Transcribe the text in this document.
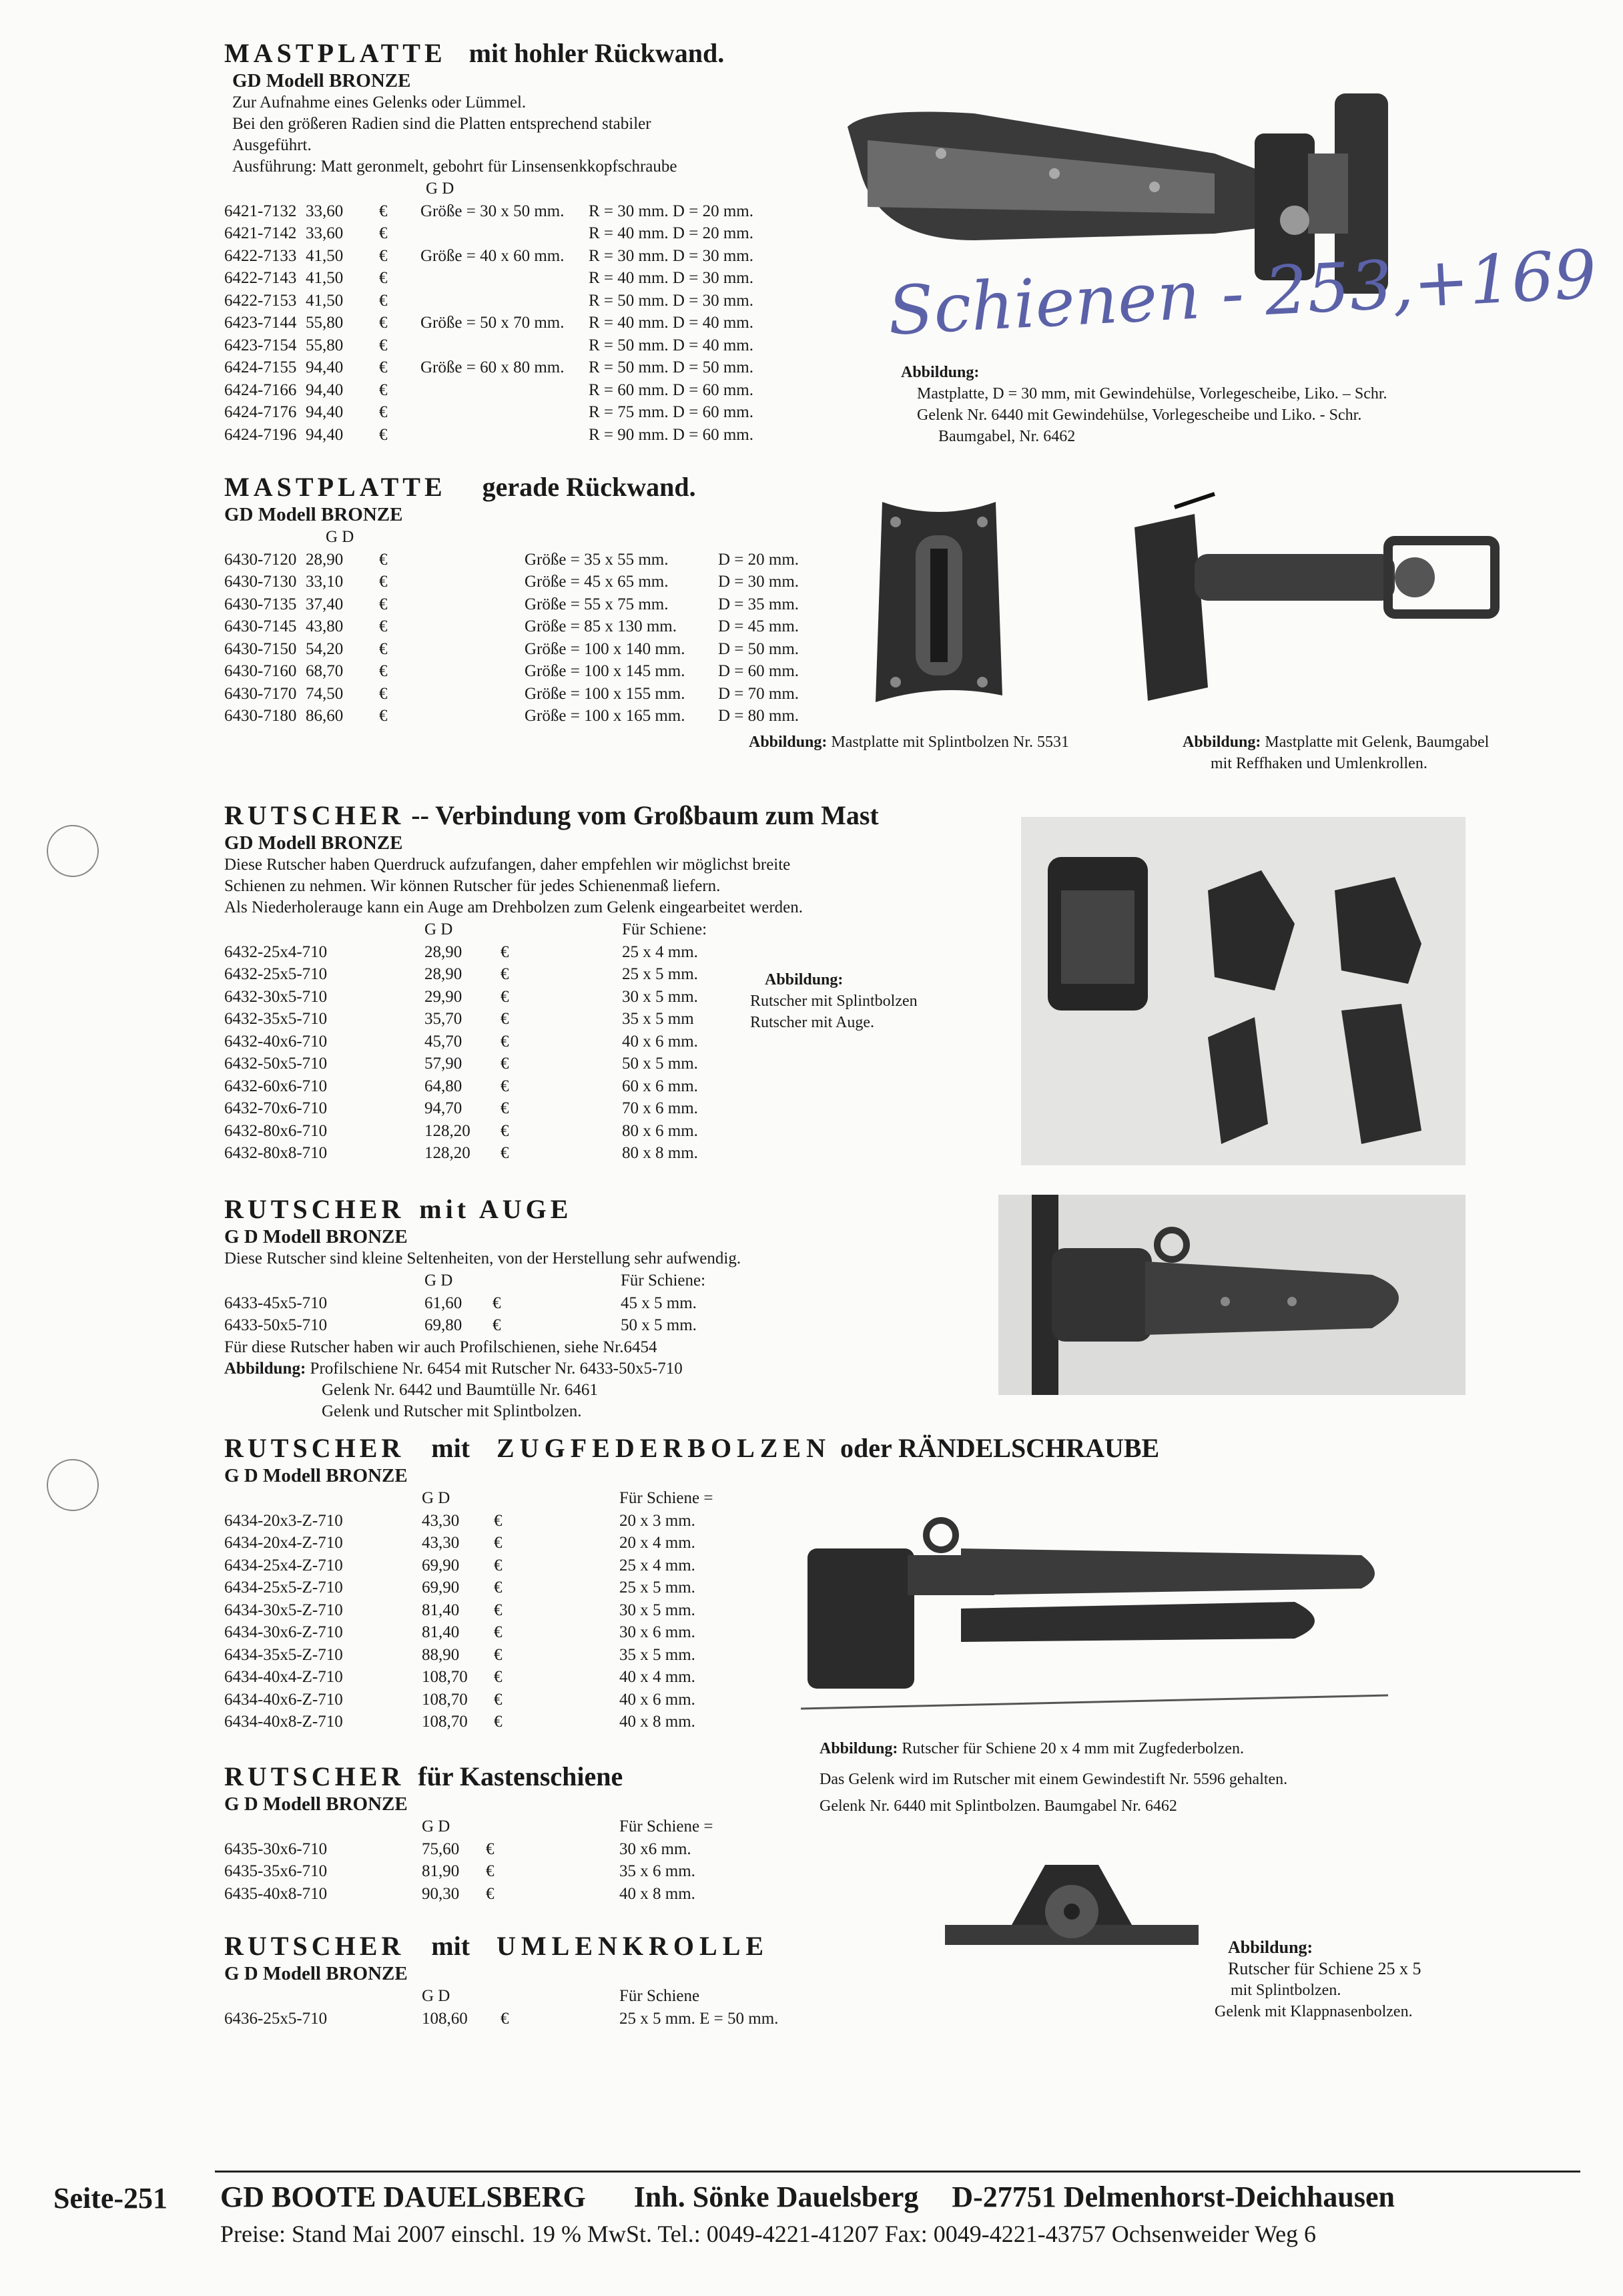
MASTPLATTE mit hohler Rückwand.
GD Modell BRONZE
Zur Aufnahme eines Gelenks oder Lümmel.
Bei den größeren Radien sind die Platten entsprechend stabiler
Ausgeführt.
Ausführung: Matt geronmelt, gebohrt für Linsensenkkopfschraube
G D
6421-7132 33,60 € Größe = 30 x 50 mm. R = 30 mm. D = 20 mm.
6421-7142 33,60 €	R = 40 mm. D = 20 mm.
6422-7133 41,50 € Größe = 40 x 60 mm. R = 30 mm. D = 30 mm.
6422-7143 41,50 €	R = 40 mm. D = 30 mm.
6422-7153 41,50 €	R = 50 mm. D = 30 mm.
6423-7144 55,80 € Größe = 50 x 70 mm. R = 40 mm. D = 40 mm.
6423-7154 55,80 €	R = 50 mm. D = 40 mm.
6424-7155 94,40 € Größe = 60 x 80 mm. R = 50 mm. D = 50 mm.
6424-7166 94,40 €	R = 60 mm. D = 60 mm.
6424-7176 94,40 €	R = 75 mm. D = 60 mm.
6424-7196 94,40 €	R = 90 mm. D = 60 mm.
Schienen - 253,+169
Abbildung:
Mastplatte, D = 30 mm, mit Gewindehülse, Vorlegescheibe, Liko. – Schr.
Gelenk Nr. 6440 mit Gewindehülse, Vorlegescheibe und Liko. - Schr.
Baumgabel, Nr. 6462
MASTPLATTE gerade Rückwand.
GD Modell BRONZE
G D
6430-7120 28,90 €	Größe = 35 x 55 mm.	D = 20 mm.
6430-7130 33,10 €	Größe = 45 x 65 mm.	D = 30 mm.
6430-7135 37,40 €	Größe = 55 x 75 mm.	D = 35 mm.
6430-7145 43,80 €	Größe = 85 x 130 mm. D = 45 mm.
6430-7150 54,20 €	Größe = 100 x 140 mm. D = 50 mm.
6430-7160 68,70 €	Größe = 100 x 145 mm. D = 60 mm.
6430-7170 74,50 €	Größe = 100 x 155 mm. D = 70 mm.
6430-7180 86,60 €	Größe = 100 x 165 mm. D = 80 mm.
Abbildung: Mastplatte mit Splintbolzen Nr. 5531	Abbildung: Mastplatte mit Gelenk, Baumgabel
mit Reffhaken und Umlenkrollen.
RUTSCHER -- Verbindung vom Großbaum zum Mast
GD Modell BRONZE
Diese Rutscher haben Querdruck aufzufangen, daher empfehlen wir möglichst breite
Schienen zu nehmen. Wir können Rutscher für jedes Schienenmaß liefern.
Als Niederholerauge kann ein Auge am Drehbolzen zum Gelenk eingearbeitet werden.
G D	Für Schiene:
6432-25x4-710	28,90 €	25 x 4 mm.
6432-25x5-710	28,90 €	25 x 5 mm.
6432-30x5-710	29,90 €	30 x 5 mm.
6432-35x5-710	35,70 €	35 x 5 mm
6432-40x6-710	45,70 €	40 x 6 mm.
6432-50x5-710	57,90 €	50 x 5 mm.
6432-60x6-710	64,80 €	60 x 6 mm.
6432-70x6-710	94,70 €	70 x 6 mm.
6432-80x6-710	128,20 €	80 x 6 mm.
6432-80x8-710	128,20 €	80 x 8 mm.
Abbildung:
Rutscher mit Splintbolzen
Rutscher mit Auge.
RUTSCHER mit AUGE
G D Modell BRONZE
Diese Rutscher sind kleine Seltenheiten, von der Herstellung sehr aufwendig.
G D	Für Schiene:
6433-45x5-710	61,60 €	45 x 5 mm.
6433-50x5-710	69,80 €	50 x 5 mm.
Für diese Rutscher haben wir auch Profilschienen, siehe Nr.6454
Abbildung: Profilschiene Nr. 6454 mit Rutscher Nr. 6433-50x5-710
Gelenk Nr. 6442 und Baumtülle Nr. 6461
Gelenk und Rutscher mit Splintbolzen.
RUTSCHER mit ZUGFEDERBOLZEN oder RÄNDELSCHRAUBE
G D Modell BRONZE
G D	Für Schiene =
6434-20x3-Z-710	43,30 €	20 x 3 mm.
6434-20x4-Z-710	43,30 €	20 x 4 mm.
6434-25x4-Z-710	69,90 €	25 x 4 mm.
6434-25x5-Z-710	69,90 €	25 x 5 mm.
6434-30x5-Z-710	81,40 €	30 x 5 mm.
6434-30x6-Z-710	81,40 €	30 x 6 mm.
6434-35x5-Z-710	88,90 €	35 x 5 mm.
6434-40x4-Z-710	108,70 €	40 x 4 mm.
6434-40x6-Z-710	108,70 €	40 x 6 mm.
6434-40x8-Z-710	108,70 €	40 x 8 mm.
Abbildung: Rutscher für Schiene 20 x 4 mm mit Zugfederbolzen.
Das Gelenk wird im Rutscher mit einem Gewindestift Nr. 5596 gehalten.
Gelenk Nr. 6440 mit Splintbolzen. Baumgabel Nr. 6462
RUTSCHER für Kastenschiene
G D Modell BRONZE
G D	Für Schiene =
6435-30x6-710	75,60 €	30 x6 mm.
6435-35x6-710	81,90 €	35 x 6 mm.
6435-40x8-710	90,30 €	40 x 8 mm.
RUTSCHER mit UMLENKROLLE
G D Modell BRONZE
G D	Für Schiene
6436-25x5-710	108,60 €	25 x 5 mm. E = 50 mm.
Abbildung:
Rutscher für Schiene 25 x 5
mit Splintbolzen.
Gelenk mit Klappnasenbolzen.
Seite-251 GD BOOTE DAUELSBERG Inh. Sönke Dauelsberg D-27751 Delmenhorst-Deichhausen
Preise: Stand Mai 2007 einschl. 19 % MwSt. Tel.: 0049-4221-41207 Fax: 0049-4221-43757 Ochsenweider Weg 6
